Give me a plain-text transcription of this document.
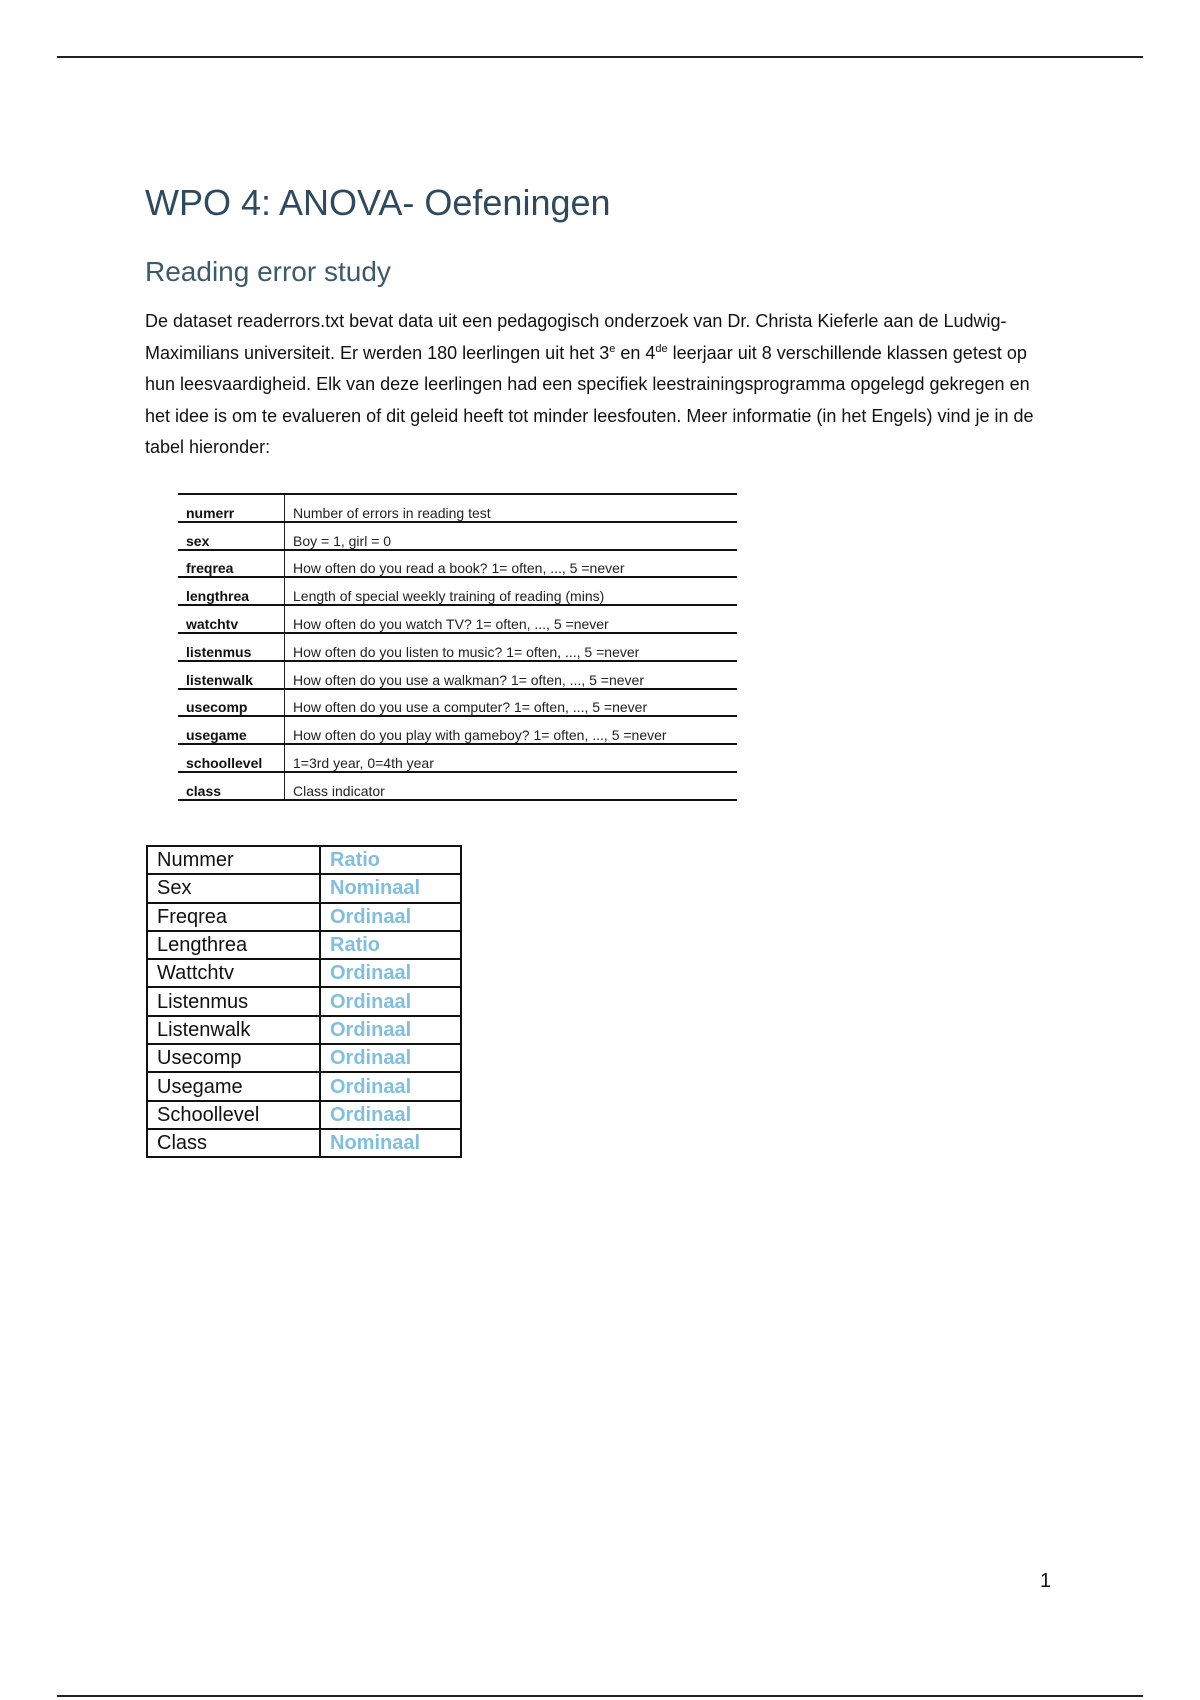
WPO 4: ANOVA- Oefeningen
Reading error study

De dataset readerrors.txt bevat data uit een pedagogisch onderzoek van Dr. Christa Kieferle aan de Ludwig-Maximilians universiteit. Er werden 180 leerlingen uit het 3e en 4de leerjaar uit 8 verschillende klassen getest op hun leesvaardigheid. Elk van deze leerlingen had een specifiek leestrainingsprogramma opgelegd gekregen en het idee is om te evalueren of dit geleid heeft tot minder leesfouten. Meer informatie (in het Engels) vind je in de tabel hieronder:

numerr	Number of errors in reading test
sex	Boy = 1, girl = 0
freqrea	How often do you read a book? 1= often, ..., 5 =never
lengthrea	Length of special weekly training of reading (mins)
watchtv	How often do you watch TV? 1= often, ..., 5 =never
listenmus	How often do you listen to music? 1= often, ..., 5 =never
listenwalk	How often do you use a walkman? 1= often, ..., 5 =never
usecomp	How often do you use a computer? 1= often, ..., 5 =never
usegame	How often do you play with gameboy? 1= often, ..., 5 =never
schoollevel	1=3rd year, 0=4th year
class	Class indicator
Nummer	Ratio
Sex	Nominaal
Freqrea	Ordinaal
Lengthrea	Ratio
Wattchtv	Ordinaal
Listenmus	Ordinaal
Listenwalk	Ordinaal
Usecomp	Ordinaal
Usegame	Ordinaal
Schoollevel	Ordinaal
Class	Nominaal
1
